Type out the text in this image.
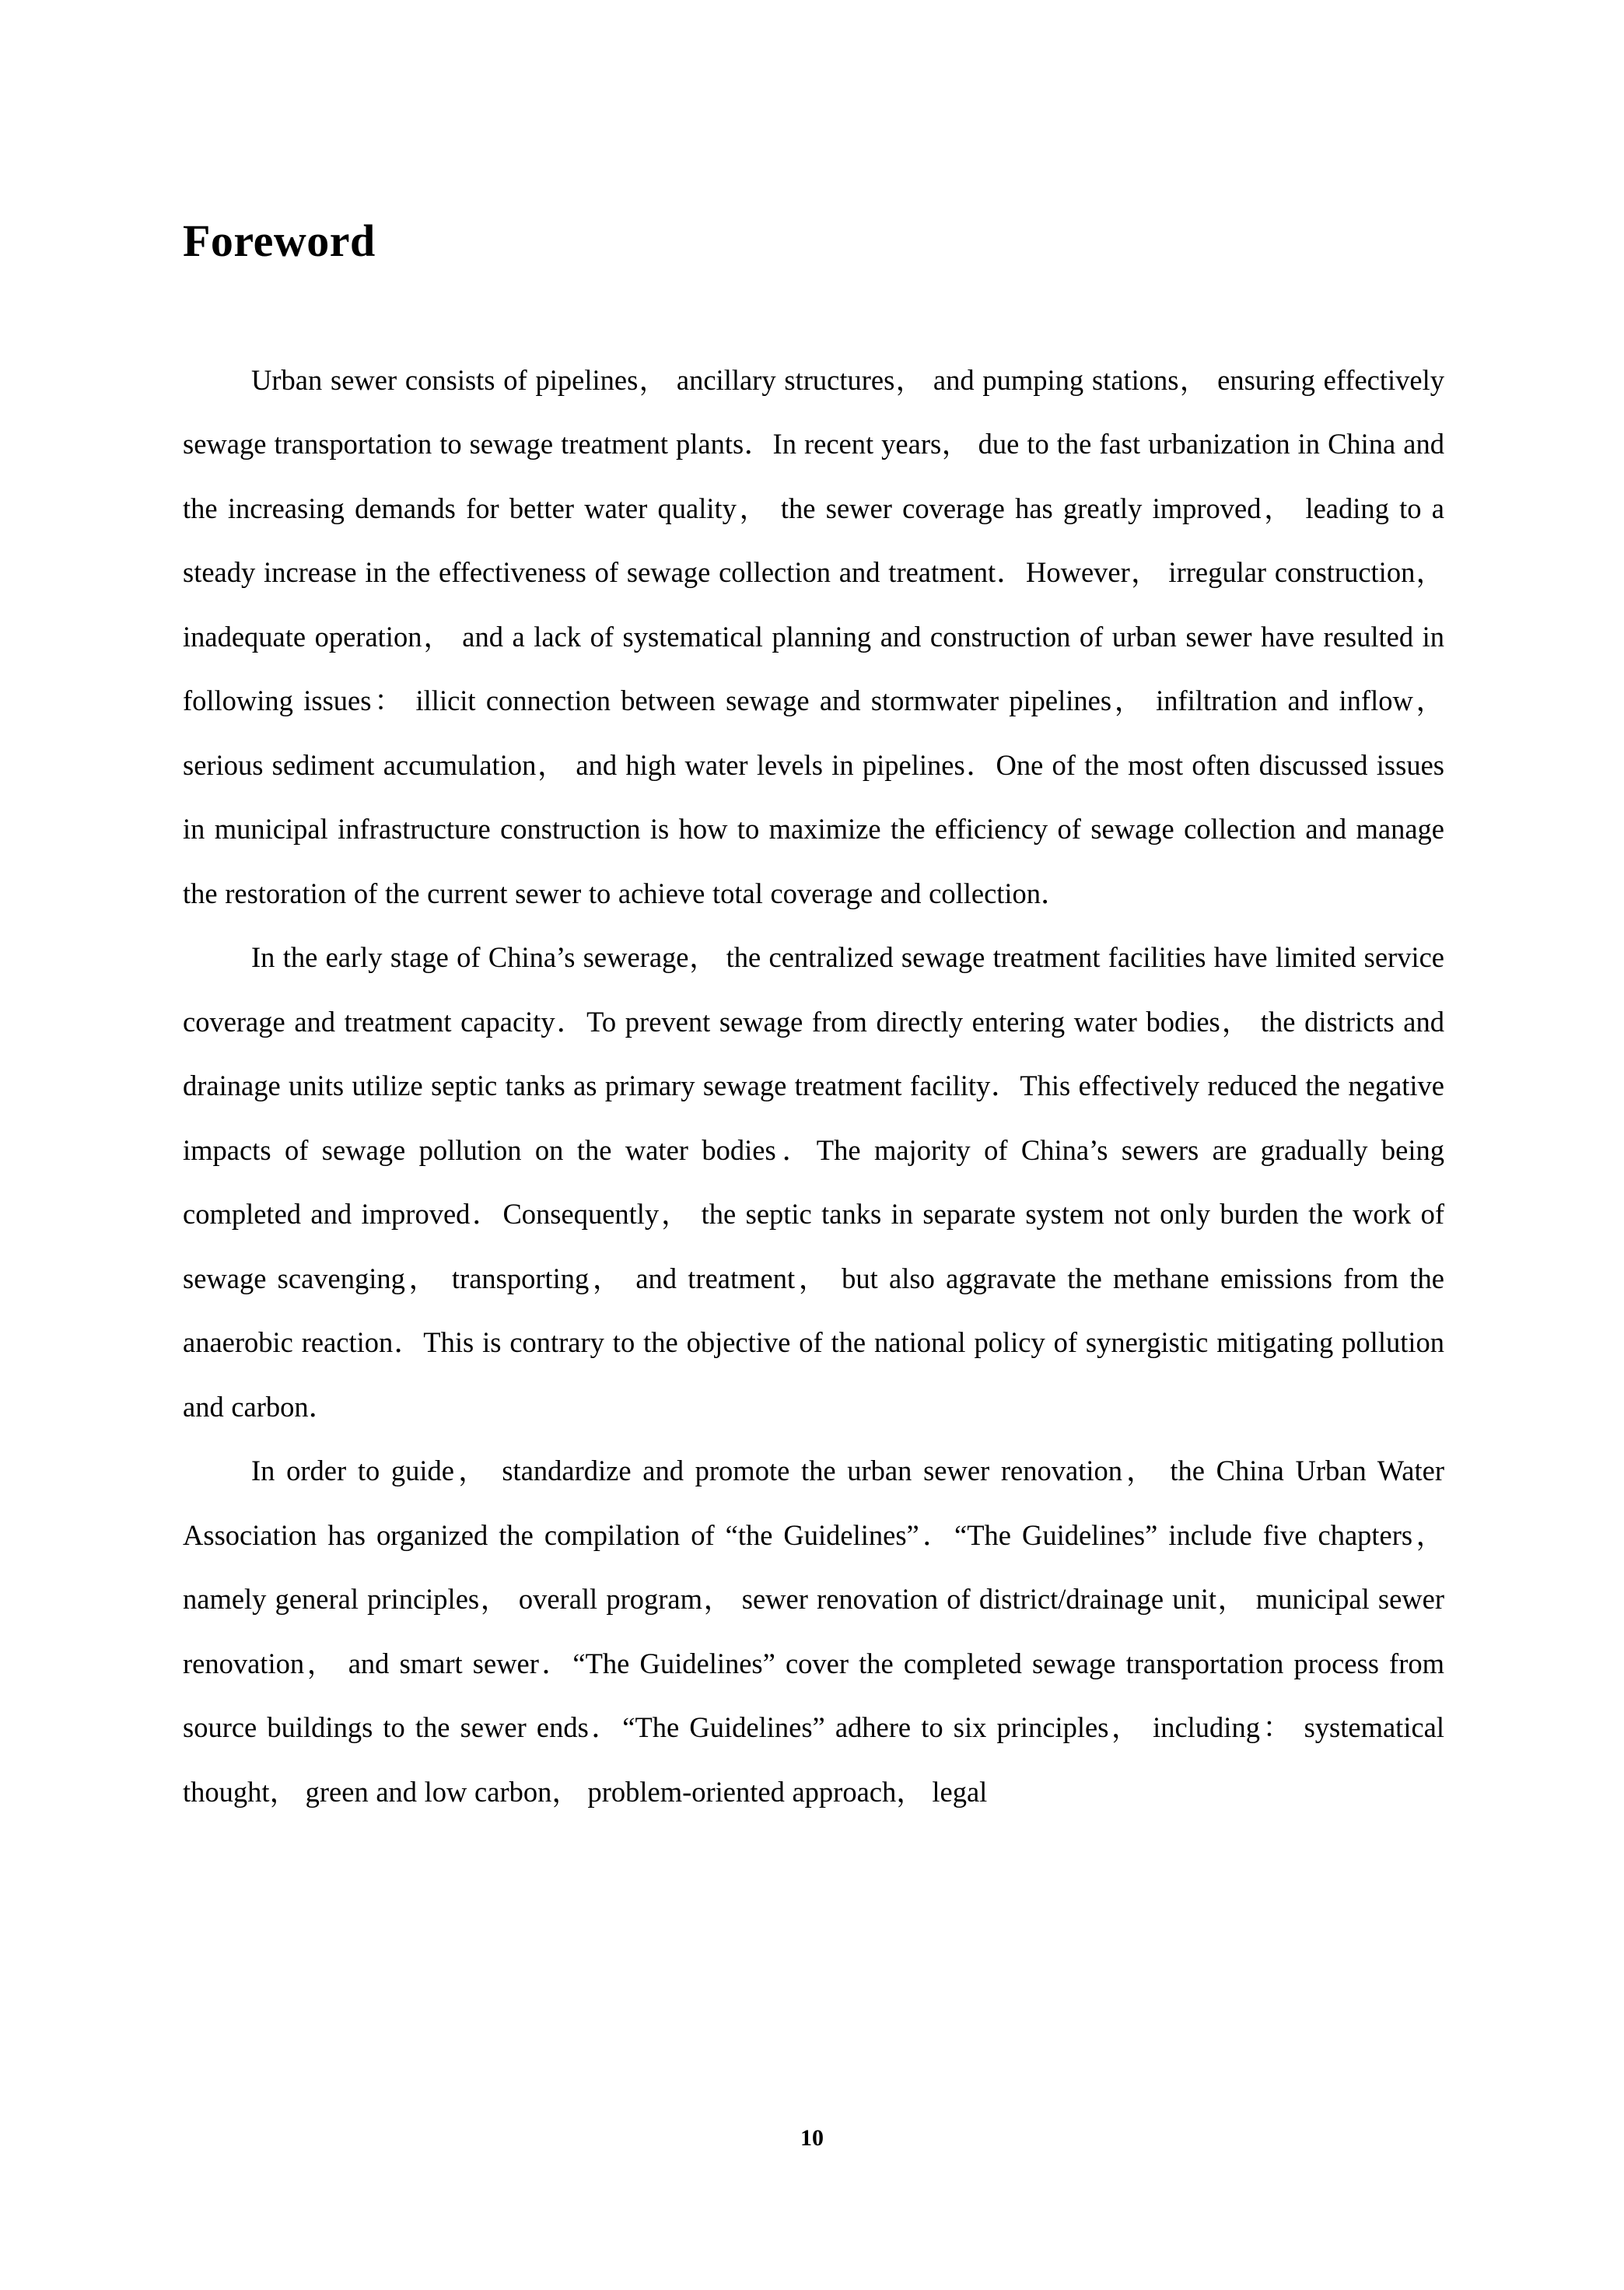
Foreword

Urban sewer consists of pipelines， ancillary structures， and pumping stations， ensuring effectively sewage transportation to sewage treatment plants．In recent years， due to the fast urbanization in China and the increasing demands for better water quality， the sewer coverage has greatly improved， leading to a steady increase in the effectiveness of sewage collection and treatment．However， irregular construction， inadequate operation， and a lack of systematical planning and construction of urban sewer have resulted in following issues： illicit connection between sewage and stormwater pipelines， infiltration and inflow， serious sediment accumulation， and high water levels in pipelines．One of the most often discussed issues in municipal infrastructure construction is how to maximize the efficiency of sewage collection and manage the restoration of the current sewer to achieve total coverage and collection．

In the early stage of China’s sewerage， the centralized sewage treatment facilities have limited service coverage and treatment capacity．To prevent sewage from directly entering water bodies， the districts and drainage units utilize septic tanks as primary sewage treatment facility．This effectively reduced the negative impacts of sewage pollution on the water bodies．The majority of China’s sewers are gradually being completed and improved．Consequently， the septic tanks in separate system not only burden the work of sewage scavenging， transporting， and treatment， but also aggravate the methane emissions from the anaerobic reaction．This is contrary to the objective of the national policy of synergistic mitigating pollution and carbon．

In order to guide， standardize and promote the urban sewer renovation， the China Urban Water Association has organized the compilation of “the Guidelines”．“The Guidelines” include five chapters， namely general principles， overall program， sewer renovation of district/drainage unit， municipal sewer renovation， and smart sewer．“The Guidelines” cover the completed sewage transportation process from source buildings to the sewer ends．“The Guidelines” adhere to six principles， including： systematical thought， green and low carbon， problem-oriented approach， legal

10
